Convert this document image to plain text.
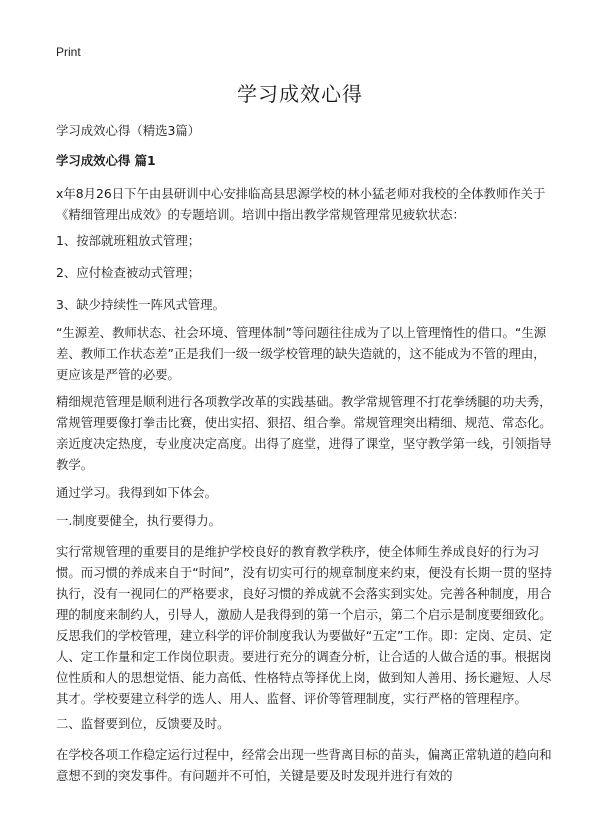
Print
学习成效心得

学习成效心得（精选3篇）

学习成效心得 篇1

x年8月26日下午由县研训中心安排临高县思源学校的林小猛老师对我校的全体教师作关于《精细管理出成效》的专题培训。培训中指出教学常规管理常见疲软状态：

1、按部就班粗放式管理；

2、应付检查被动式管理；

3、缺少持续性一阵风式管理。

“生源差、教师状态、社会环境、管理体制”等问题往往成为了以上管理惰性的借口。“生源差、教师工作状态差”正是我们一级一级学校管理的缺失造就的，这不能成为不管的理由，更应该是严管的必要。

精细规范管理是顺利进行各项教学改革的实践基础。教学常规管理不打花拳绣腿的功夫秀，常规管理要像打拳击比赛，使出实招、狠招、组合拳。常规管理突出精细、规范、常态化。亲近度决定热度，专业度决定高度。出得了庭堂，进得了课堂，坚守教学第一线，引领指导教学。

通过学习。我得到如下体会。

一.制度要健全，执行要得力。

实行常规管理的重要目的是维护学校良好的教育教学秩序，使全体师生养成良好的行为习惯。而习惯的养成来自于“时间”，没有切实可行的规章制度来约束，便没有长期一贯的坚持执行，没有一视同仁的严格要求，良好习惯的养成就不会落实到实处。完善各种制度，用合理的制度来制约人，引导人，激励人是我得到的第一个启示，第二个启示是制度要细致化。反思我们的学校管理，建立科学的评价制度我认为要做好“五定”工作。即：定岗、定员、定人、定工作量和定工作岗位职责。要进行充分的调查分析，让合适的人做合适的事。根据岗位性质和人的思想觉悟、能力高低、性格特点等择优上岗，做到知人善用、扬长避短、人尽其才。学校要建立科学的选人、用人、监督、评价等管理制度，实行严格的管理程序。

二、监督要到位，反馈要及时。

在学校各项工作稳定运行过程中，经常会出现一些背离目标的苗头，偏离正常轨道的趋向和意想不到的突发事件。有问题并不可怕，关键是要及时发现并进行有效的
